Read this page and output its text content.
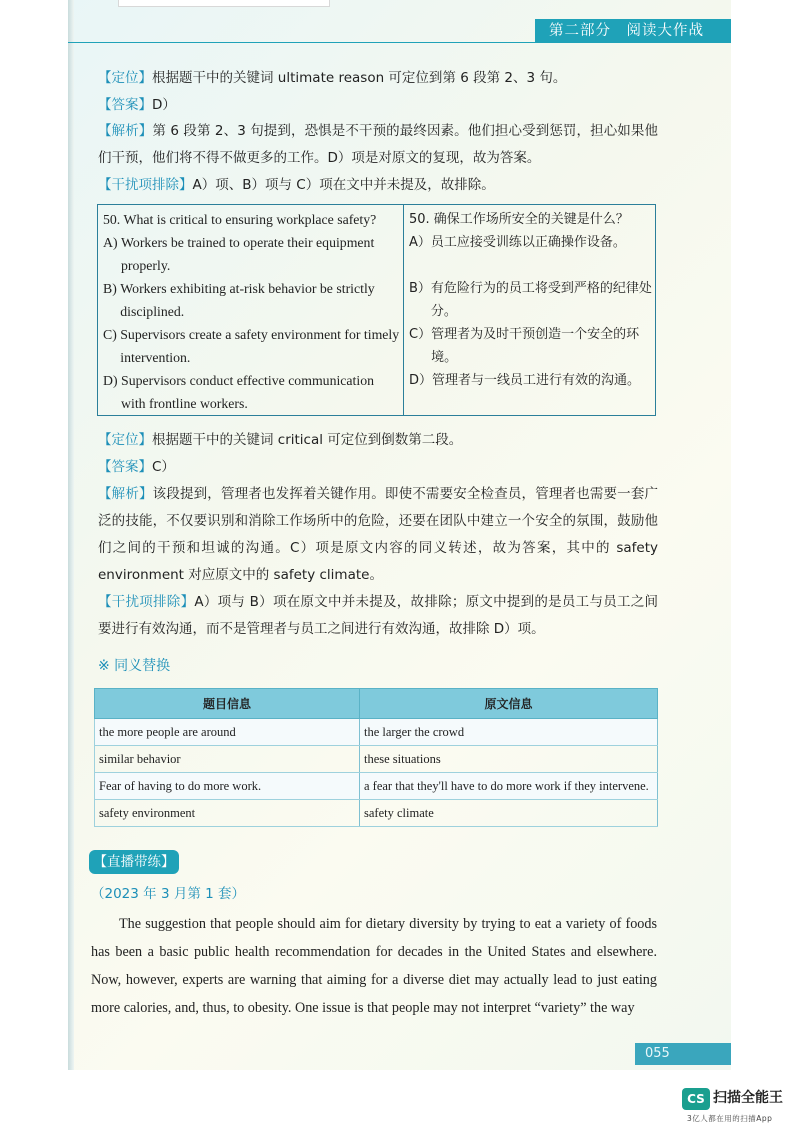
第二部分　阅读大作战
【定位】根据题干中的关键词 ultimate reason 可定位到第 6 段第 2、3 句。
【答案】D）
【解析】第 6 段第 2、3 句提到，恐惧是不干预的最终因素。他们担心受到惩罚，担心如果他们干预，他们将不得不做更多的工作。D）项是对原文的复现，故为答案。
【干扰项排除】A）项、B）项与 C）项在文中并未提及，故排除。
50. What is critical to ensuring workplace safety?
A)
Workers be trained to operate their equipment properly.
B)
Workers exhibiting at-risk behavior be strictly disciplined.
C)
Supervisors create a safety environment for timely intervention.
D)
Supervisors conduct effective communication with frontline workers.
50. 确保工作场所安全的关键是什么？
A） 员工应接受训练以正确操作设备。
B） 有危险行为的员工将受到严格的纪律处分。
C） 管理者为及时干预创造一个安全的环境。
D） 管理者与一线员工进行有效的沟通。
【定位】根据题干中的关键词 critical 可定位到倒数第二段。
【答案】C）
【解析】该段提到，管理者也发挥着关键作用。即使不需要安全检查员，管理者也需要一套广泛的技能，不仅要识别和消除工作场所中的危险，还要在团队中建立一个安全的氛围，鼓励他们之间的干预和坦诚的沟通。C）项是原文内容的同义转述，故为答案，其中的 safety environment 对应原文中的 safety climate。
【干扰项排除】A）项与 B）项在原文中并未提及，故排除；原文中提到的是员工与员工之间要进行有效沟通，而不是管理者与员工之间进行有效沟通，故排除 D）项。
※ 同义替换
题目信息	原文信息
the more people are around	the larger the crowd
similar behavior	these situations
Fear of having to do more work.	a fear that they'll have to do more work if they intervene.
safety environment	safety climate
【直播带练】
（2023 年 3 月第 1 套）
The suggestion that people should aim for dietary diversity by trying to eat a variety of foods has been a basic public health recommendation for decades in the United States and elsewhere. Now, however, experts are warning that aiming for a diverse diet may actually lead to just eating more calories, and, thus, to obesity. One issue is that people may not interpret “variety” the way
055
CS 扫描全能王
3亿人都在用的扫描App
